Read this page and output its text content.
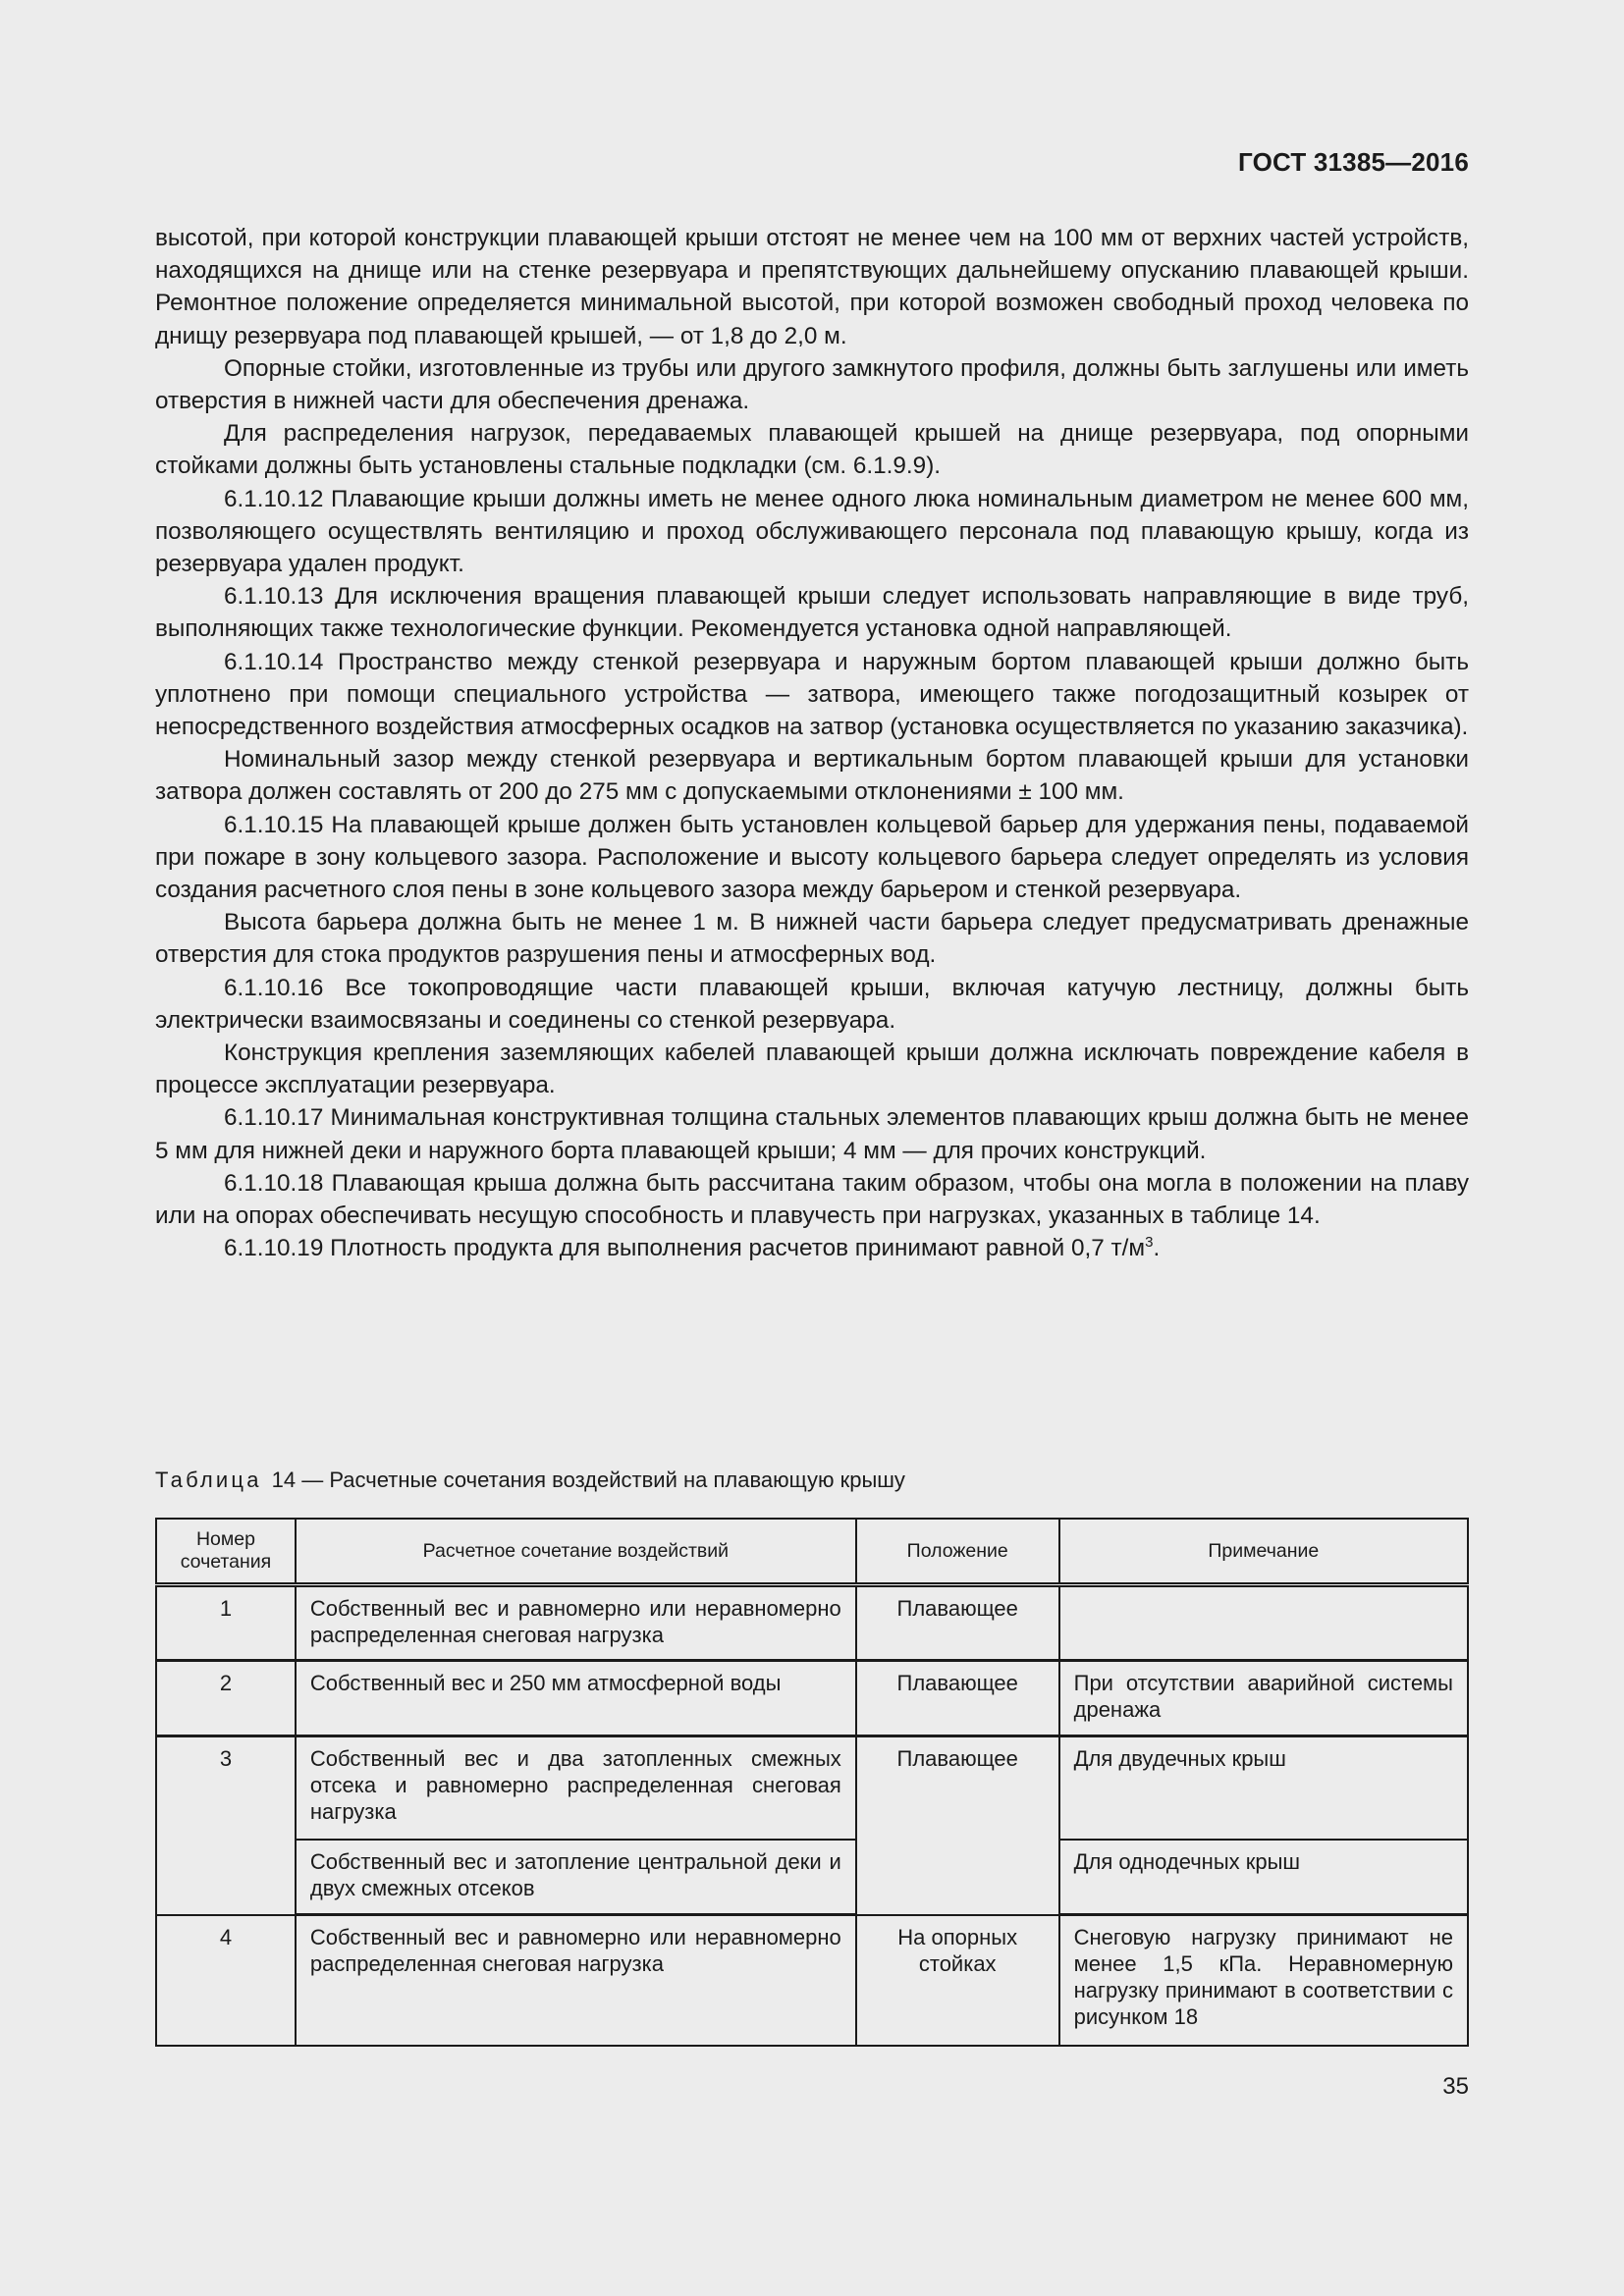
ГОСТ 31385—2016

высотой, при которой конструкции плавающей крыши отстоят не менее чем на 100 мм от верхних частей устройств, находящихся на днище или на стенке резервуара и препятствующих дальнейшему опусканию плавающей крыши. Ремонтное положение определяется минимальной высотой, при которой возможен свободный проход человека по днищу резервуара под плавающей крышей, — от 1,8 до 2,0 м.

Опорные стойки, изготовленные из трубы или другого замкнутого профиля, должны быть заглушены или иметь отверстия в нижней части для обеспечения дренажа.

Для распределения нагрузок, передаваемых плавающей крышей на днище резервуара, под опорными стойками должны быть установлены стальные подкладки (см. 6.1.9.9).

6.1.10.12 Плавающие крыши должны иметь не менее одного люка номинальным диаметром не менее 600 мм, позволяющего осуществлять вентиляцию и проход обслуживающего персонала под плавающую крышу, когда из резервуара удален продукт.

6.1.10.13 Для исключения вращения плавающей крыши следует использовать направляющие в виде труб, выполняющих также технологические функции. Рекомендуется установка одной направляющей.

6.1.10.14 Пространство между стенкой резервуара и наружным бортом плавающей крыши должно быть уплотнено при помощи специального устройства — затвора, имеющего также погодозащитный козырек от непосредственного воздействия атмосферных осадков на затвор (установка осуществляется по указанию заказчика).

Номинальный зазор между стенкой резервуара и вертикальным бортом плавающей крыши для установки затвора должен составлять от 200 до 275 мм с допускаемыми отклонениями ± 100 мм.

6.1.10.15 На плавающей крыше должен быть установлен кольцевой барьер для удержания пены, подаваемой при пожаре в зону кольцевого зазора. Расположение и высоту кольцевого барьера следует определять из условия создания расчетного слоя пены в зоне кольцевого зазора между барьером и стенкой резервуара.

Высота барьера должна быть не менее 1 м. В нижней части барьера следует предусматривать дренажные отверстия для стока продуктов разрушения пены и атмосферных вод.

6.1.10.16 Все токопроводящие части плавающей крыши, включая катучую лестницу, должны быть электрически взаимосвязаны и соединены со стенкой резервуара.

Конструкция крепления заземляющих кабелей плавающей крыши должна исключать повреждение кабеля в процессе эксплуатации резервуара.

6.1.10.17 Минимальная конструктивная толщина стальных элементов плавающих крыш должна быть не менее 5 мм для нижней деки и наружного борта плавающей крыши; 4 мм — для прочих конструкций.

6.1.10.18 Плавающая крыша должна быть рассчитана таким образом, чтобы она могла в положении на плаву или на опорах обеспечивать несущую способность и плавучесть при нагрузках, указанных в таблице 14.

6.1.10.19 Плотность продукта для выполнения расчетов принимают равной 0,7 $т/м^3$.

Таблица 14 — Расчетные сочетания воздействий на плавающую крышу
Номер сочетания	Расчетное сочетание воздействий	Положение	Примечание
1	Собственный вес и равномерно или неравномерно распределенная снеговая нагрузка	Плавающее	
2	Собственный вес и 250 мм атмосферной воды	Плавающее	При отсутствии аварийной системы дренажа
3	Собственный вес и два затопленных смежных отсека и равномерно распределенная снеговая нагрузка	Плавающее	Для двудечных крыш
	Собственный вес и затопление центральной деки и двух смежных отсеков		Для однодечных крыш
4	Собственный вес и равномерно или неравномерно распределенная снеговая нагрузка	На опорных стойках	Снеговую нагрузку принимают не менее 1,5 кПа. Неравномерную нагрузку принимают в соответствии с рисунком 18
35
